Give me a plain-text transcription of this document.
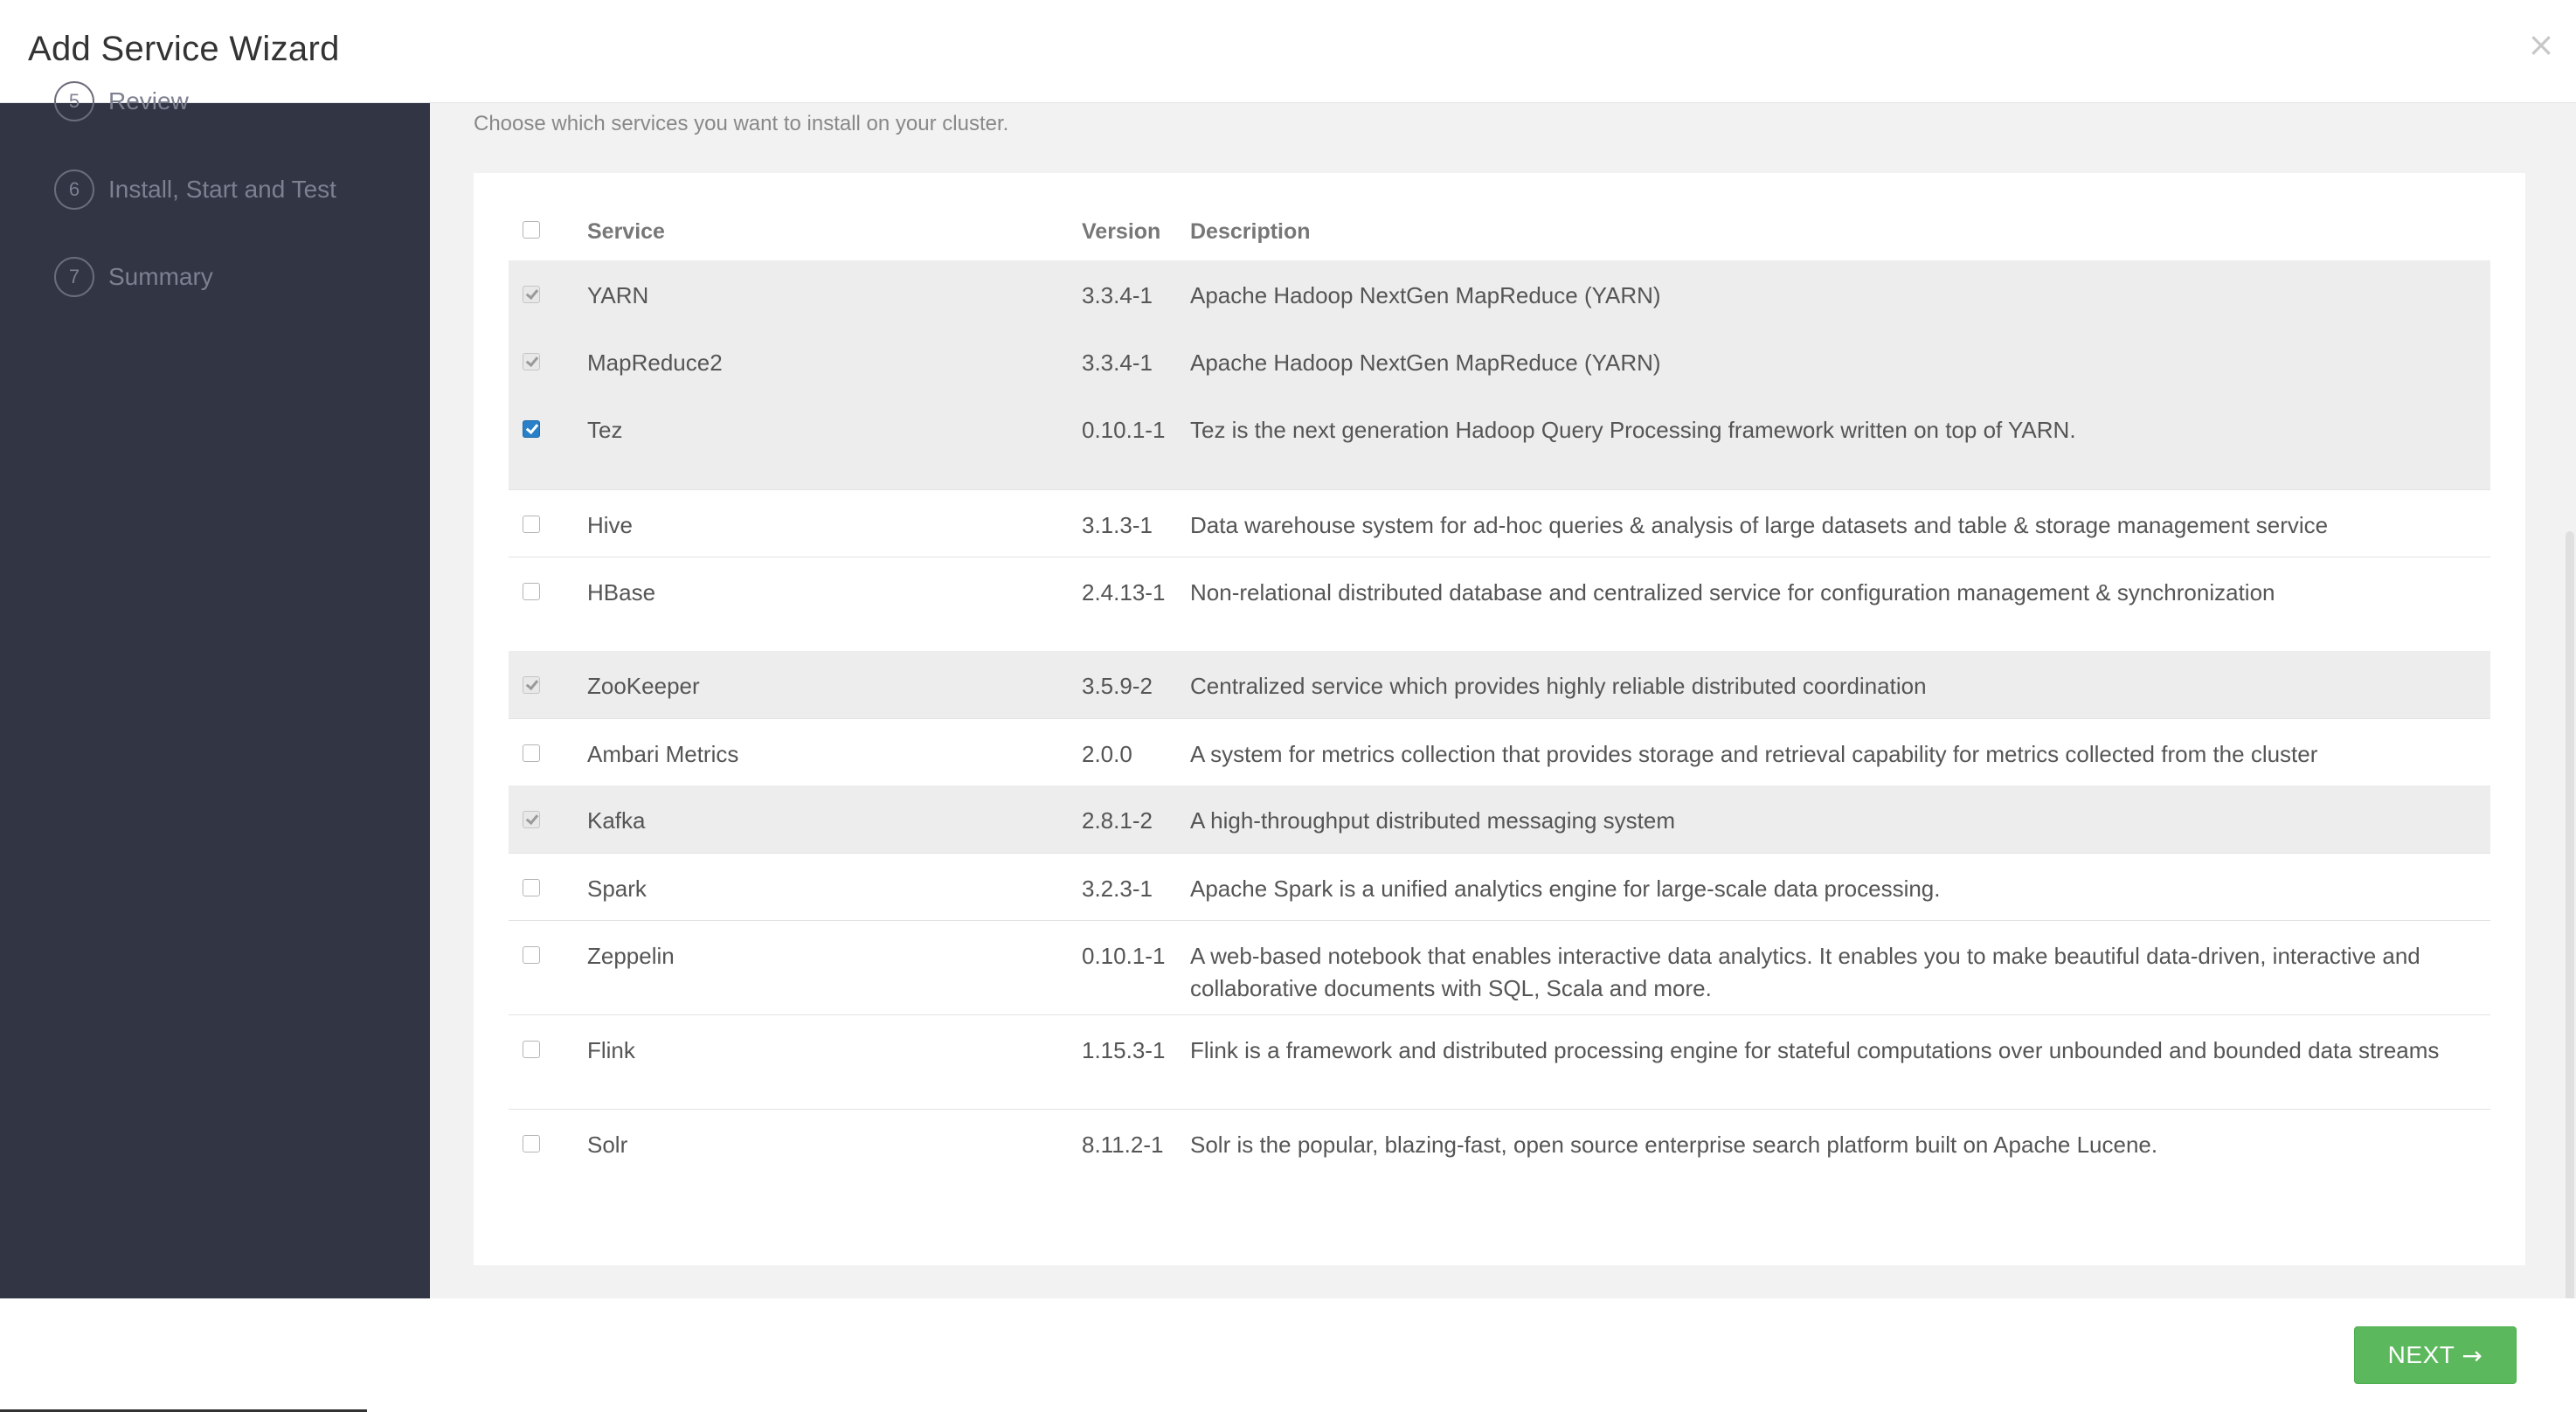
Add Service Wizard	×
5	Review
6	Install, Start and Test
7	Summary
Choose which services you want to install on your cluster.
	Service	Version	Description
	YARN	3.3.4-1	Apache Hadoop NextGen MapReduce (YARN)
	MapReduce2	3.3.4-1	Apache Hadoop NextGen MapReduce (YARN)
	Tez	0.10.1-1	Tez is the next generation Hadoop Query Processing framework written on top of YARN.
	Hive	3.1.3-1	Data warehouse system for ad-hoc queries & analysis of large datasets and table & storage management service
	HBase	2.4.13-1	Non-relational distributed database and centralized service for configuration management & synchronization
	ZooKeeper	3.5.9-2	Centralized service which provides highly reliable distributed coordination
	Ambari Metrics	2.0.0	A system for metrics collection that provides storage and retrieval capability for metrics collected from the cluster
	Kafka	2.8.1-2	A high-throughput distributed messaging system
	Spark	3.2.3-1	Apache Spark is a unified analytics engine for large-scale data processing.
	Zeppelin	0.10.1-1	A web-based notebook that enables interactive data analytics. It enables you to make beautiful data-driven, interactive and collaborative documents with SQL, Scala and more.
	Flink	1.15.3-1	Flink is a framework and distributed processing engine for stateful computations over unbounded and bounded data streams
	Solr	8.11.2-1	Solr is the popular, blazing-fast, open source enterprise search platform built on Apache Lucene.
NEXT →
